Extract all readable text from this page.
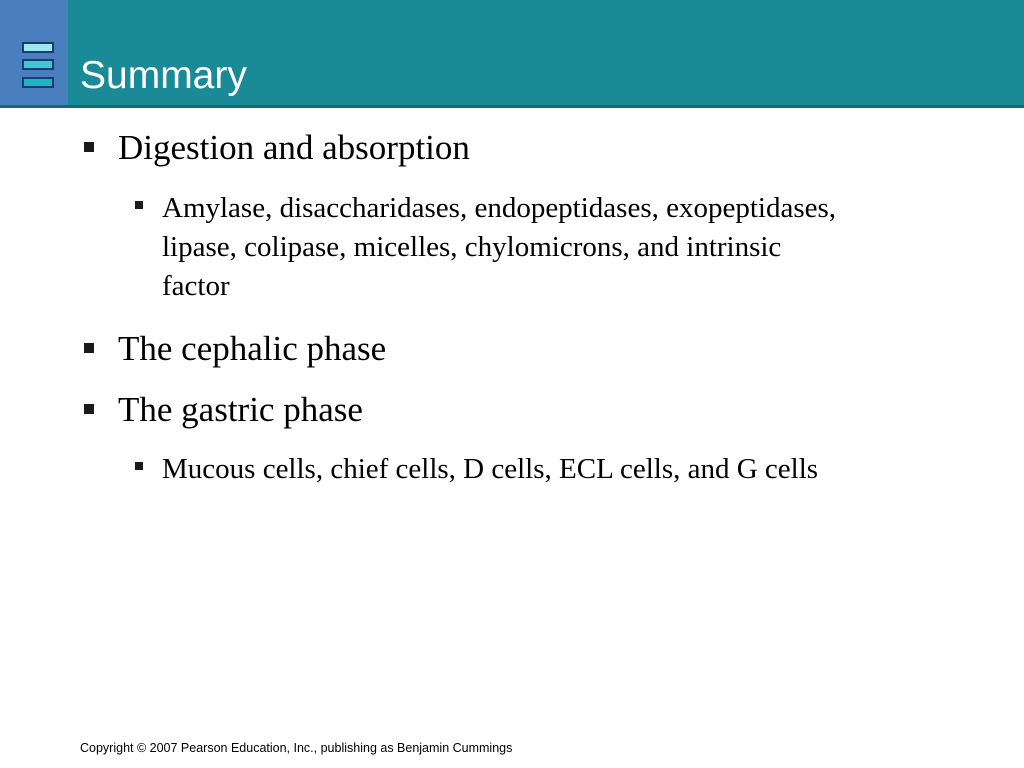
Summary
Digestion and absorption
Amylase, disaccharidases, endopeptidases, exopeptidases, lipase, colipase, micelles, chylomicrons, and intrinsic factor
The cephalic phase
The gastric phase
Mucous cells, chief cells, D cells, ECL cells, and G cells
Copyright © 2007 Pearson Education, Inc., publishing as Benjamin Cummings
